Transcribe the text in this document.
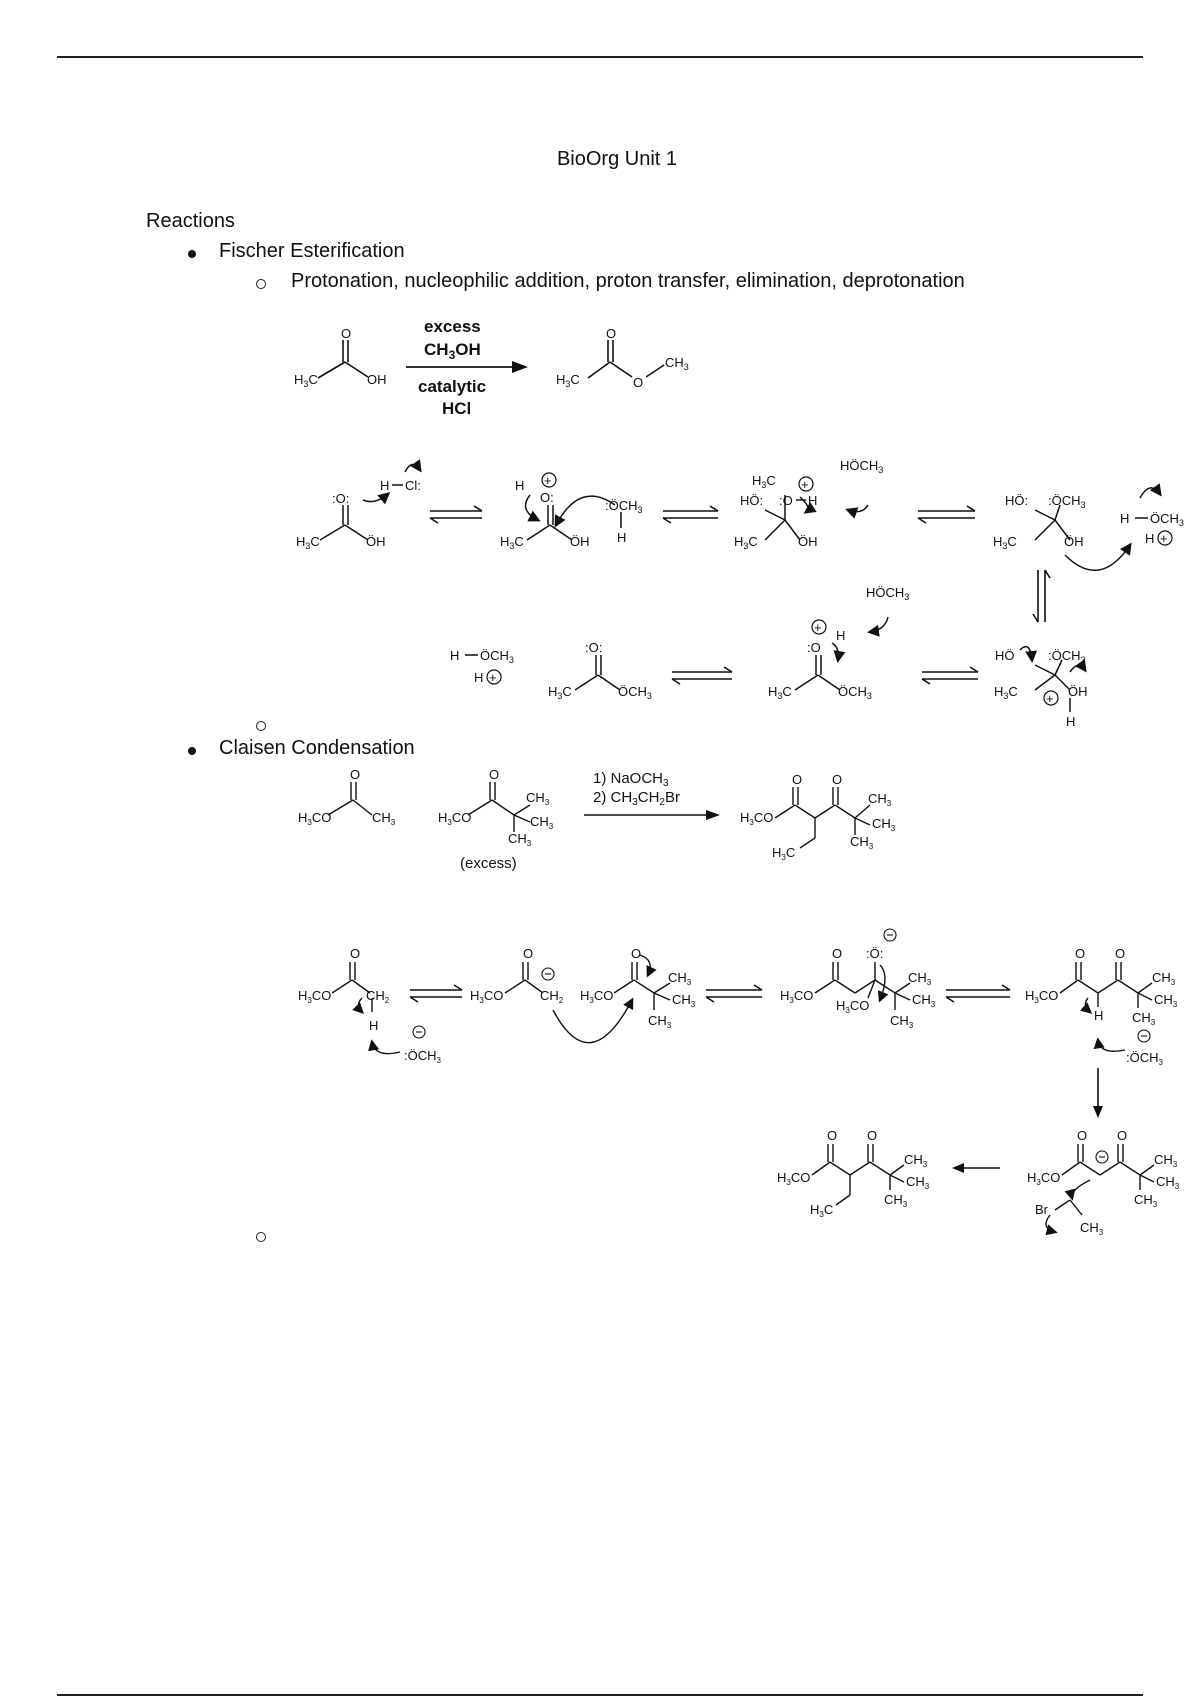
BioOrg Unit 1
Reactions
Fischer Esterification
Protonation, nucleophilic addition, proton transfer, elimination, deprotonation
O
$H_3C$	OH
excess
$CH_3OH$
catalytic
HCl
O
$H_3C$	O
$CH_3$
:O:
$H_3C$	ÖH
H Cl:	H
O:
+
$H_3C$	ÖH
$:ÖCH_3$
H
$H_3C$ +
HÖ: :O H
$HÖCH_3$
$H_3C$	ÖH
HÖ: $:ÖCH_3$
$H_3C$	ÖH
H $ÖCH_3$
H +
HÖ	$:ÖCH_3$
$H_3C$	ÖH
+
H
$HÖCH_3$
+
:O
H
$H_3C$	$ÖCH_3$
:O:
$H_3C$	$ÖCH_3$
H $ÖCH_3$
H +
Claisen Condensation
O
$H_3CO$	$CH_3$
O
$H_3CO$
$CH_3$
$CH_3$
$CH_3$
(excess)
1) NaOCH$_3$
2) $CH_3CH_2Br$
O O
$H_3CO$
$CH_3$
$CH_3$
$CH_3$
$H_3C$
O
$H_3CO$	$CH_2$
H
$:ÖCH_3$
O
$H_3CO$	$CH_2$
O
$H_3CO$
$CH_3$
$CH_3$
$CH_3$
O :Ö:
$H_3CO$
$H_3CO$
$CH_3$
$CH_3$
$CH_3$
O O
$H_3CO$
H
$CH_3$
$CH_3$
$CH_3$
$:ÖCH_3$
O O
$H_3CO$
$CH_3$
$CH_3$
$CH_3$
Br
$CH_3$
O O
$H_3CO$
$CH_3$
$CH_3$
$CH_3$
$H_3C$
